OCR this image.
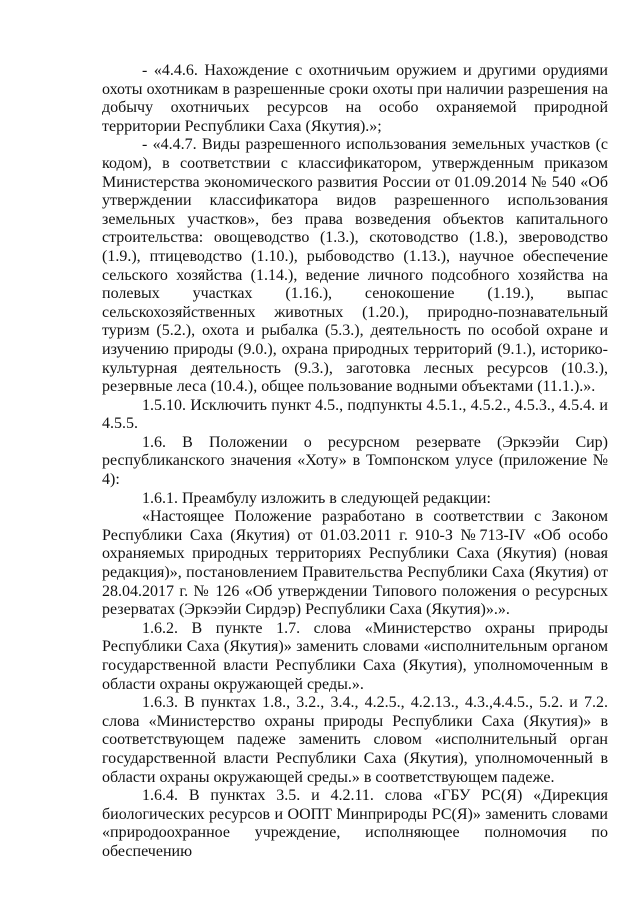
- «4.4.6. Нахождение с охотничьим оружием и другими орудиями охоты охотникам в разрешенные сроки охоты при наличии разрешения на добычу охотничьих ресурсов на особо охраняемой природной территории Республики Саха (Якутия).»;

- «4.4.7. Виды разрешенного использования земельных участков (с кодом), в соответствии с классификатором, утвержденным приказом Министерства экономического развития России от 01.09.2014 № 540 «Об утверждении классификатора видов разрешенного использования земельных участков», без права возведения объектов капитального строительства: овощеводство (1.3.), скотоводство (1.8.), звероводство (1.9.), птицеводство (1.10.), рыбоводство (1.13.), научное обеспечение сельского хозяйства (1.14.), ведение личного подсобного хозяйства на полевых участках (1.16.), сенокошение (1.19.), выпас сельскохозяйственных животных (1.20.), природно-познавательный туризм (5.2.), охота и рыбалка (5.3.), деятельность по особой охране и изучению природы (9.0.), охрана природных территорий (9.1.), историко-культурная деятельность (9.3.), заготовка лесных ресурсов (10.3.), резервные леса (10.4.), общее пользование водными объектами (11.1.).».

1.5.10. Исключить пункт 4.5., подпункты 4.5.1., 4.5.2., 4.5.3., 4.5.4. и 4.5.5.

1.6. В Положении о ресурсном резервате (Эркээйи Сир) республиканского значения «Хоту» в Томпонском улусе (приложение № 4):

1.6.1. Преамбулу изложить в следующей редакции:

«Настоящее Положение разработано в соответствии с Законом Республики Саха (Якутия) от 01.03.2011 г. 910-З №713-IV «Об особо охраняемых природных территориях Республики Саха (Якутия) (новая редакция)», постановлением Правительства Республики Саха (Якутия) от 28.04.2017 г. № 126 «Об утверждении Типового положения о ресурсных резерватах (Эркээйи Сирдэр) Республики Саха (Якутия)».».

1.6.2. В пункте 1.7. слова «Министерство охраны природы Республики Саха (Якутия)» заменить словами «исполнительным органом государственной власти Республики Саха (Якутия), уполномоченным в области охраны окружающей среды.».

1.6.3. В пунктах 1.8., 3.2., 3.4., 4.2.5., 4.2.13., 4.3.,4.4.5., 5.2. и 7.2. слова «Министерство охраны природы Республики Саха (Якутия)» в соответствующем падеже заменить словом «исполнительный орган государственной власти Республики Саха (Якутия), уполномоченный в области охраны окружающей среды.» в соответствующем падеже.

1.6.4. В пунктах 3.5. и 4.2.11. слова «ГБУ РС(Я) «Дирекция биологических ресурсов и ООПТ Минприроды РС(Я)» заменить словами «природоохранное учреждение, исполняющее полномочия по обеспечению
